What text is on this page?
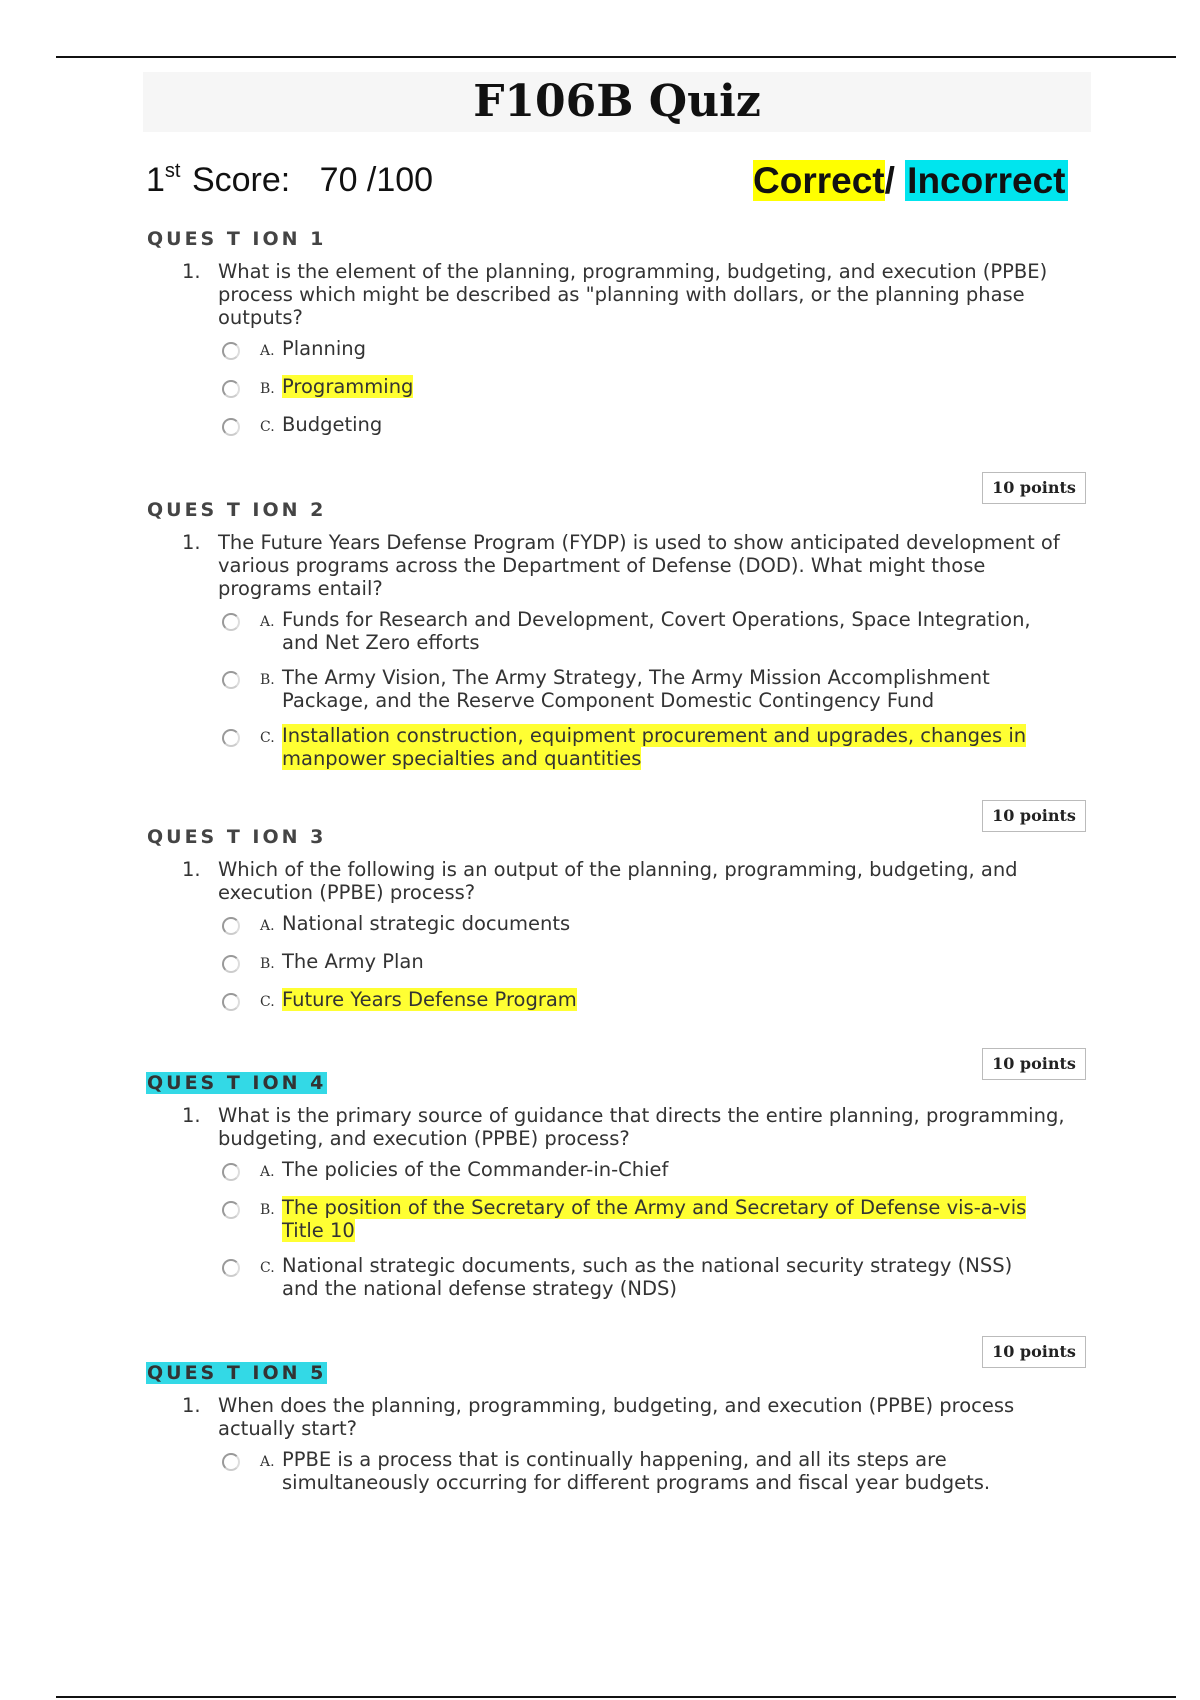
F106B Quiz
1st Score: 70 /100	Correct/ Incorrect
QUES T ION 1
1. What is the element of the planning, programming, budgeting, and execution (PPBE) process which might be described as "planning with dollars, or the planning phase outputs?
A. Planning
B. Programming
C. Budgeting
10 points
QUES T ION 2
1. The Future Years Defense Program (FYDP) is used to show anticipated development of various programs across the Department of Defense (DOD). What might those programs entail?
A. Funds for Research and Development, Covert Operations, Space Integration, and Net Zero efforts
B. The Army Vision, The Army Strategy, The Army Mission Accomplishment Package, and the Reserve Component Domestic Contingency Fund
C. Installation construction, equipment procurement and upgrades, changes in manpower specialties and quantities
10 points
QUES T ION 3
1. Which of the following is an output of the planning, programming, budgeting, and execution (PPBE) process?
A. National strategic documents
B. The Army Plan
C. Future Years Defense Program
10 points
QUES T ION 4
1. What is the primary source of guidance that directs the entire planning, programming, budgeting, and execution (PPBE) process?
A. The policies of the Commander-in-Chief
B. The position of the Secretary of the Army and Secretary of Defense vis-a-vis Title 10
C. National strategic documents, such as the national security strategy (NSS) and the national defense strategy (NDS)
10 points
QUES T ION 5
1. When does the planning, programming, budgeting, and execution (PPBE) process actually start?
A. PPBE is a process that is continually happening, and all its steps are simultaneously occurring for different programs and fiscal year budgets.
